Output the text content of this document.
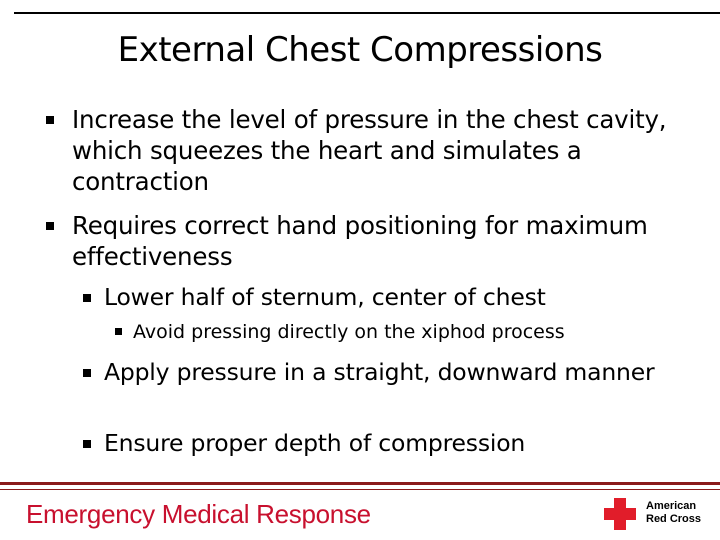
External Chest Compressions
Increase the level of pressure in the chest cavity, which squeezes the heart and simulates a contraction
Requires correct hand positioning for maximum effectiveness
Lower half of sternum, center of chest
Avoid pressing directly on the xiphod process
Apply pressure in a straight, downward manner
Ensure proper depth of compression
Emergency Medical Response	American
Red Cross
